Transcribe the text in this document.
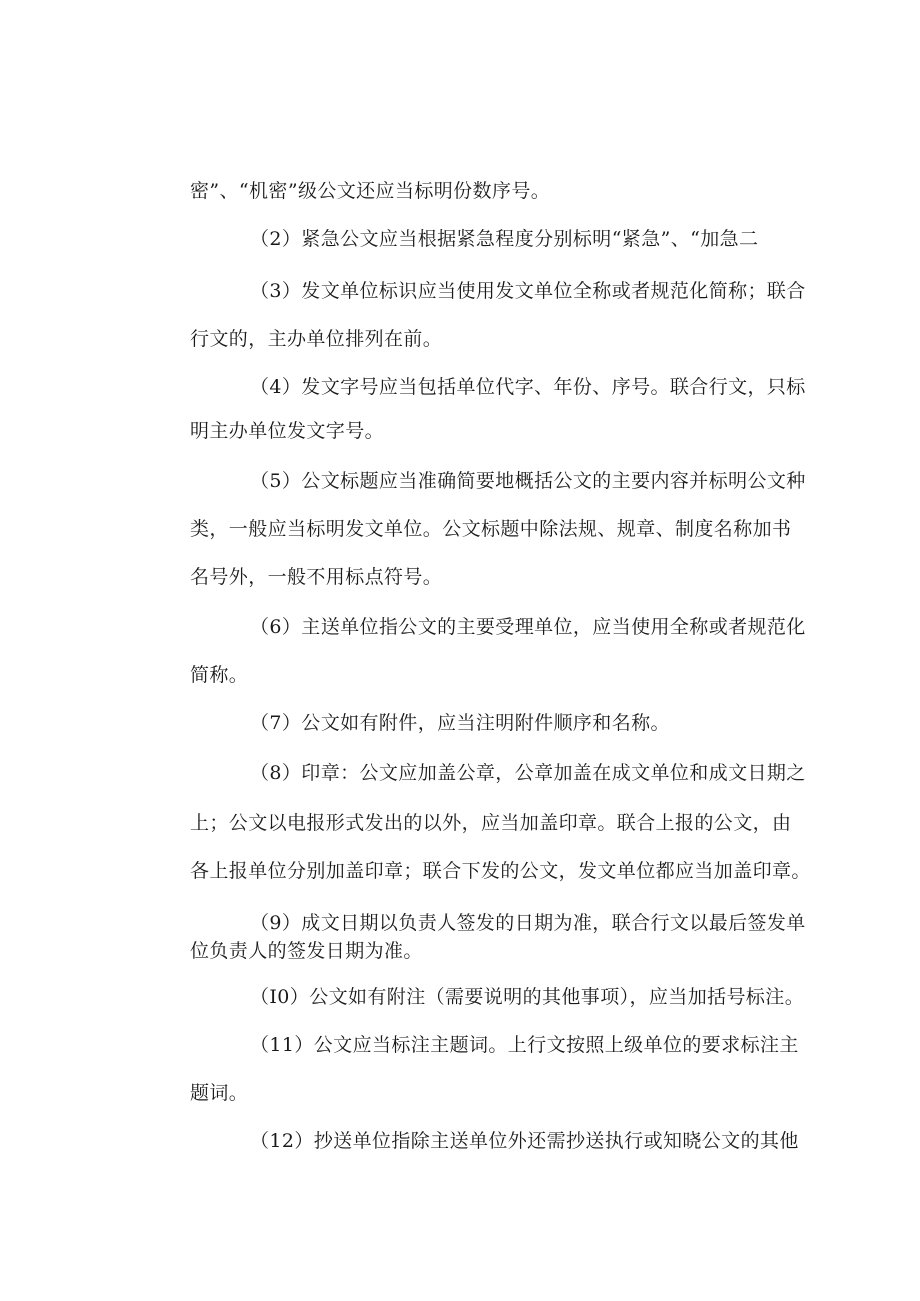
密”、“机密”级公文还应当标明份数序号。
（2）紧急公文应当根据紧急程度分别标明“紧急”、“加急二
（3）发文单位标识应当使用发文单位全称或者规范化简称；联合
行文的，主办单位排列在前。
（4）发文字号应当包括单位代字、年份、序号。联合行文，只标
明主办单位发文字号。
（5）公文标题应当准确简要地概括公文的主要内容并标明公文种
类，一般应当标明发文单位。公文标题中除法规、规章、制度名称加书
名号外，一般不用标点符号。
（6）主送单位指公文的主要受理单位，应当使用全称或者规范化
简称。
（7）公文如有附件，应当注明附件顺序和名称。
（8）印章：公文应加盖公章，公章加盖在成文单位和成文日期之
上；公文以电报形式发出的以外，应当加盖印章。联合上报的公文，由
各上报单位分别加盖印章；联合下发的公文，发文单位都应当加盖印章。
（9）成文日期以负责人签发的日期为准，联合行文以最后签发单
位负责人的签发日期为准。
（I0）公文如有附注（需要说明的其他事项），应当加括号标注。
（11）公文应当标注主题词。上行文按照上级单位的要求标注主
题词。
（12）抄送单位指除主送单位外还需抄送执行或知晓公文的其他
